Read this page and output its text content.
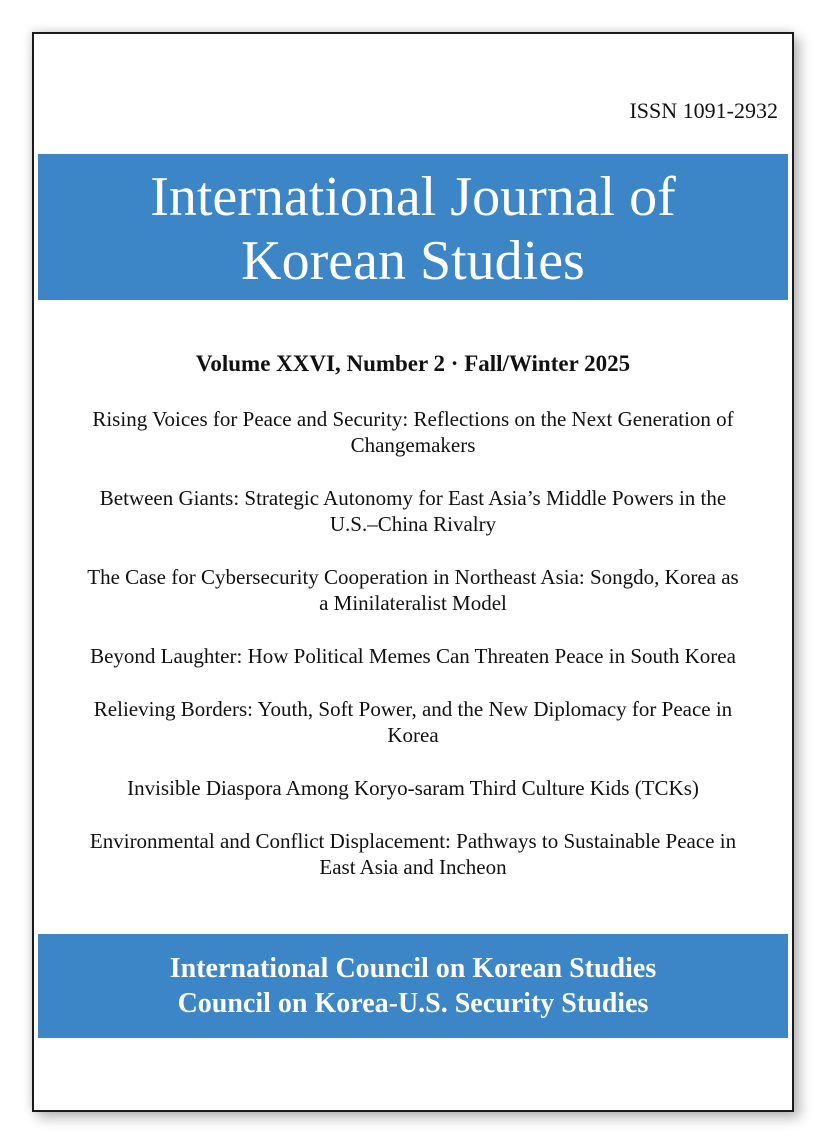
ISSN 1091-2932
International Journal of
Korean Studies
Volume XXVI, Number 2 · Fall/Winter 2025
Rising Voices for Peace and Security: Reflections on the Next Generation of
Changemakers
Between Giants: Strategic Autonomy for East Asia’s Middle Powers in the
U.S.–China Rivalry
The Case for Cybersecurity Cooperation in Northeast Asia: Songdo, Korea as
a Minilateralist Model
Beyond Laughter: How Political Memes Can Threaten Peace in South Korea
Relieving Borders: Youth, Soft Power, and the New Diplomacy for Peace in
Korea
Invisible Diaspora Among Koryo-saram Third Culture Kids (TCKs)
Environmental and Conflict Displacement: Pathways to Sustainable Peace in
East Asia and Incheon
International Council on Korean Studies
Council on Korea-U.S. Security Studies
